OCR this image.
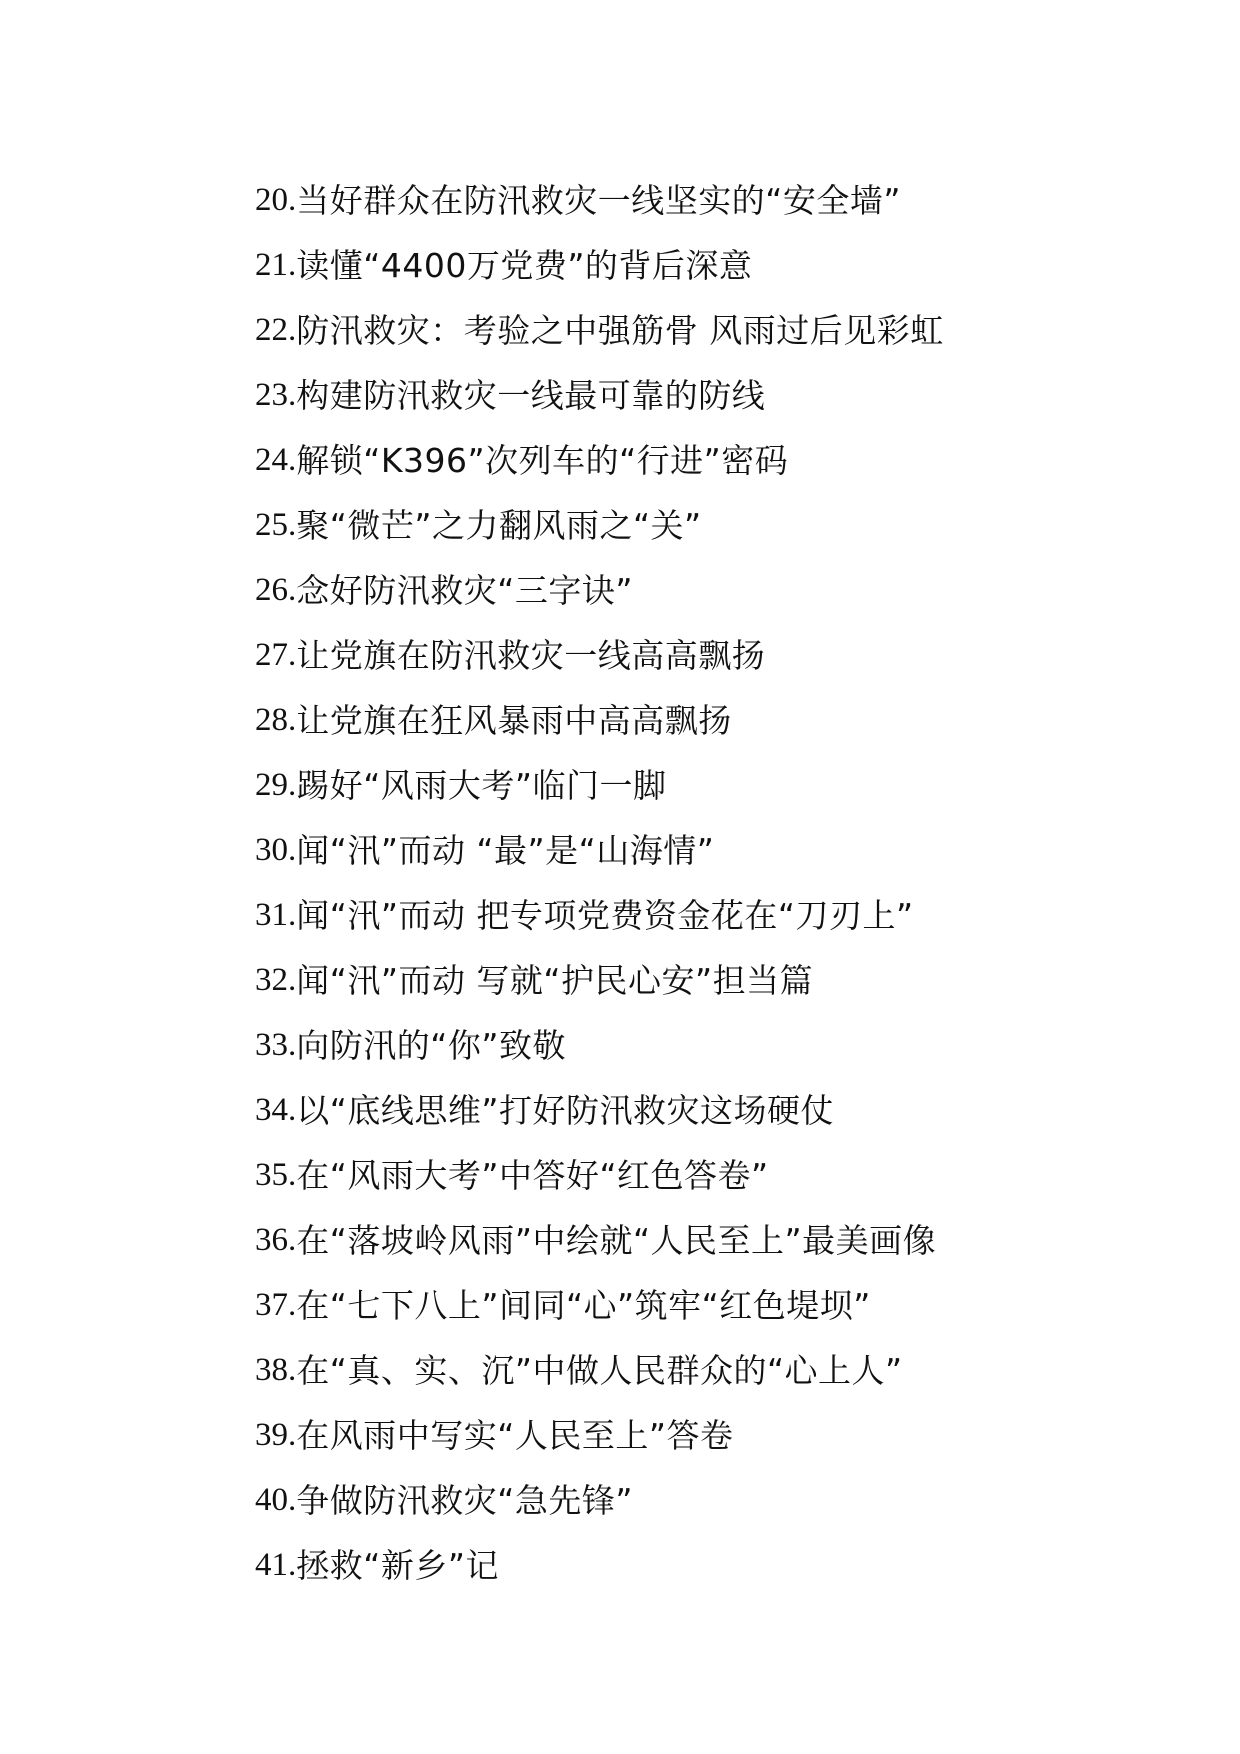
20. 当好群众在防汛救灾一线坚实的“安全墙”
21. 读懂“4400万党费”的背后深意
22. 防汛救灾：考验之中强筋骨 风雨过后见彩虹
23. 构建防汛救灾一线最可靠的防线
24. 解锁“K396”次列车的“行进”密码
25. 聚“微芒”之力翻风雨之“关”
26. 念好防汛救灾“三字诀”
27. 让党旗在防汛救灾一线高高飘扬
28. 让党旗在狂风暴雨中高高飘扬
29. 踢好“风雨大考”临门一脚
30. 闻“汛”而动 “最”是“山海情”
31. 闻“汛”而动 把专项党费资金花在“刀刃上”
32. 闻“汛”而动 写就“护民心安”担当篇
33. 向防汛的“你”致敬
34. 以“底线思维”打好防汛救灾这场硬仗
35. 在“风雨大考”中答好“红色答卷”
36. 在“落坡岭风雨”中绘就“人民至上”最美画像
37. 在“七下八上”间同“心”筑牢“红色堤坝”
38. 在“真、实、沉”中做人民群众的“心上人”
39. 在风雨中写实“人民至上”答卷
40. 争做防汛救灾“急先锋”
41. 拯救“新乡”记
